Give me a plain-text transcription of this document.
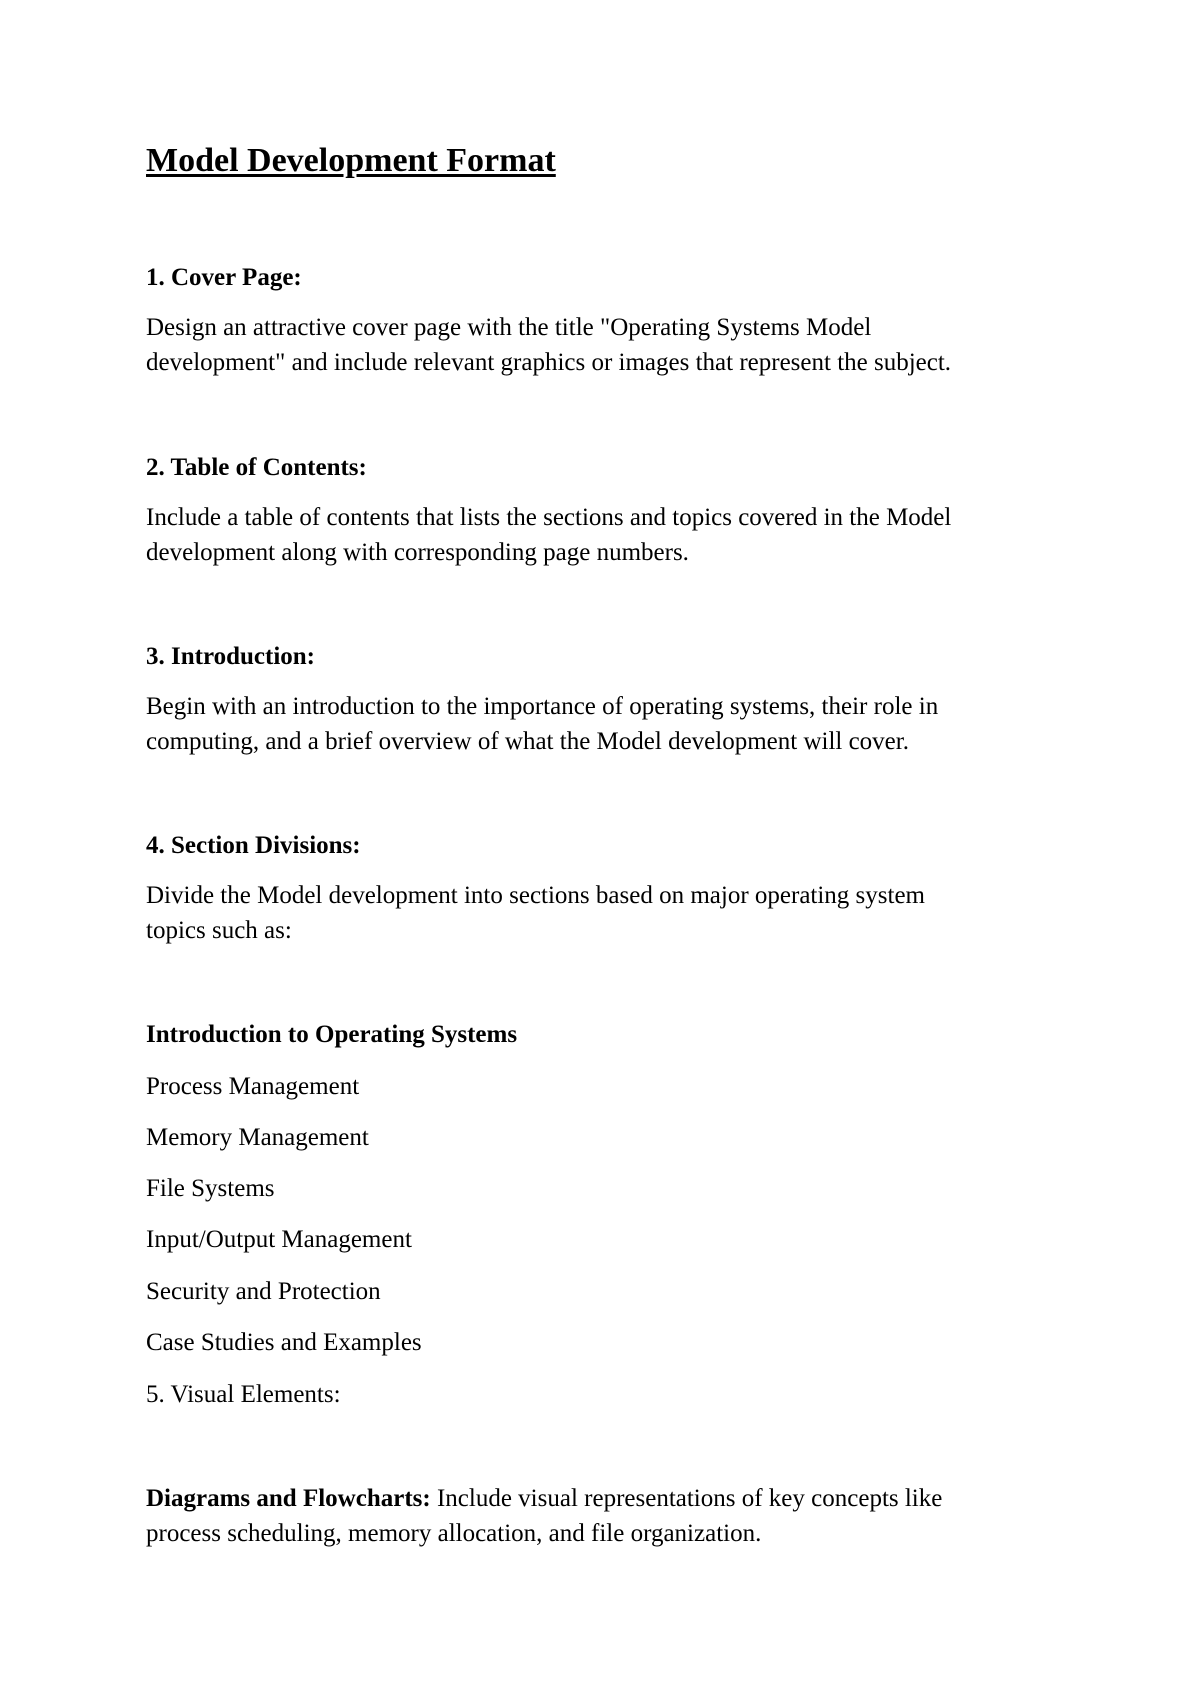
Model Development Format
1. Cover Page:
Design an attractive cover page with the title "Operating Systems Model
development" and include relevant graphics or images that represent the subject.
2. Table of Contents:
Include a table of contents that lists the sections and topics covered in the Model
development along with corresponding page numbers.
3. Introduction:
Begin with an introduction to the importance of operating systems, their role in
computing, and a brief overview of what the Model development will cover.
4. Section Divisions:
Divide the Model development into sections based on major operating system
topics such as:
Introduction to Operating Systems
Process Management
Memory Management
File Systems
Input/Output Management
Security and Protection
Case Studies and Examples
5. Visual Elements:
Diagrams and Flowcharts: Include visual representations of key concepts like
process scheduling, memory allocation, and file organization.
